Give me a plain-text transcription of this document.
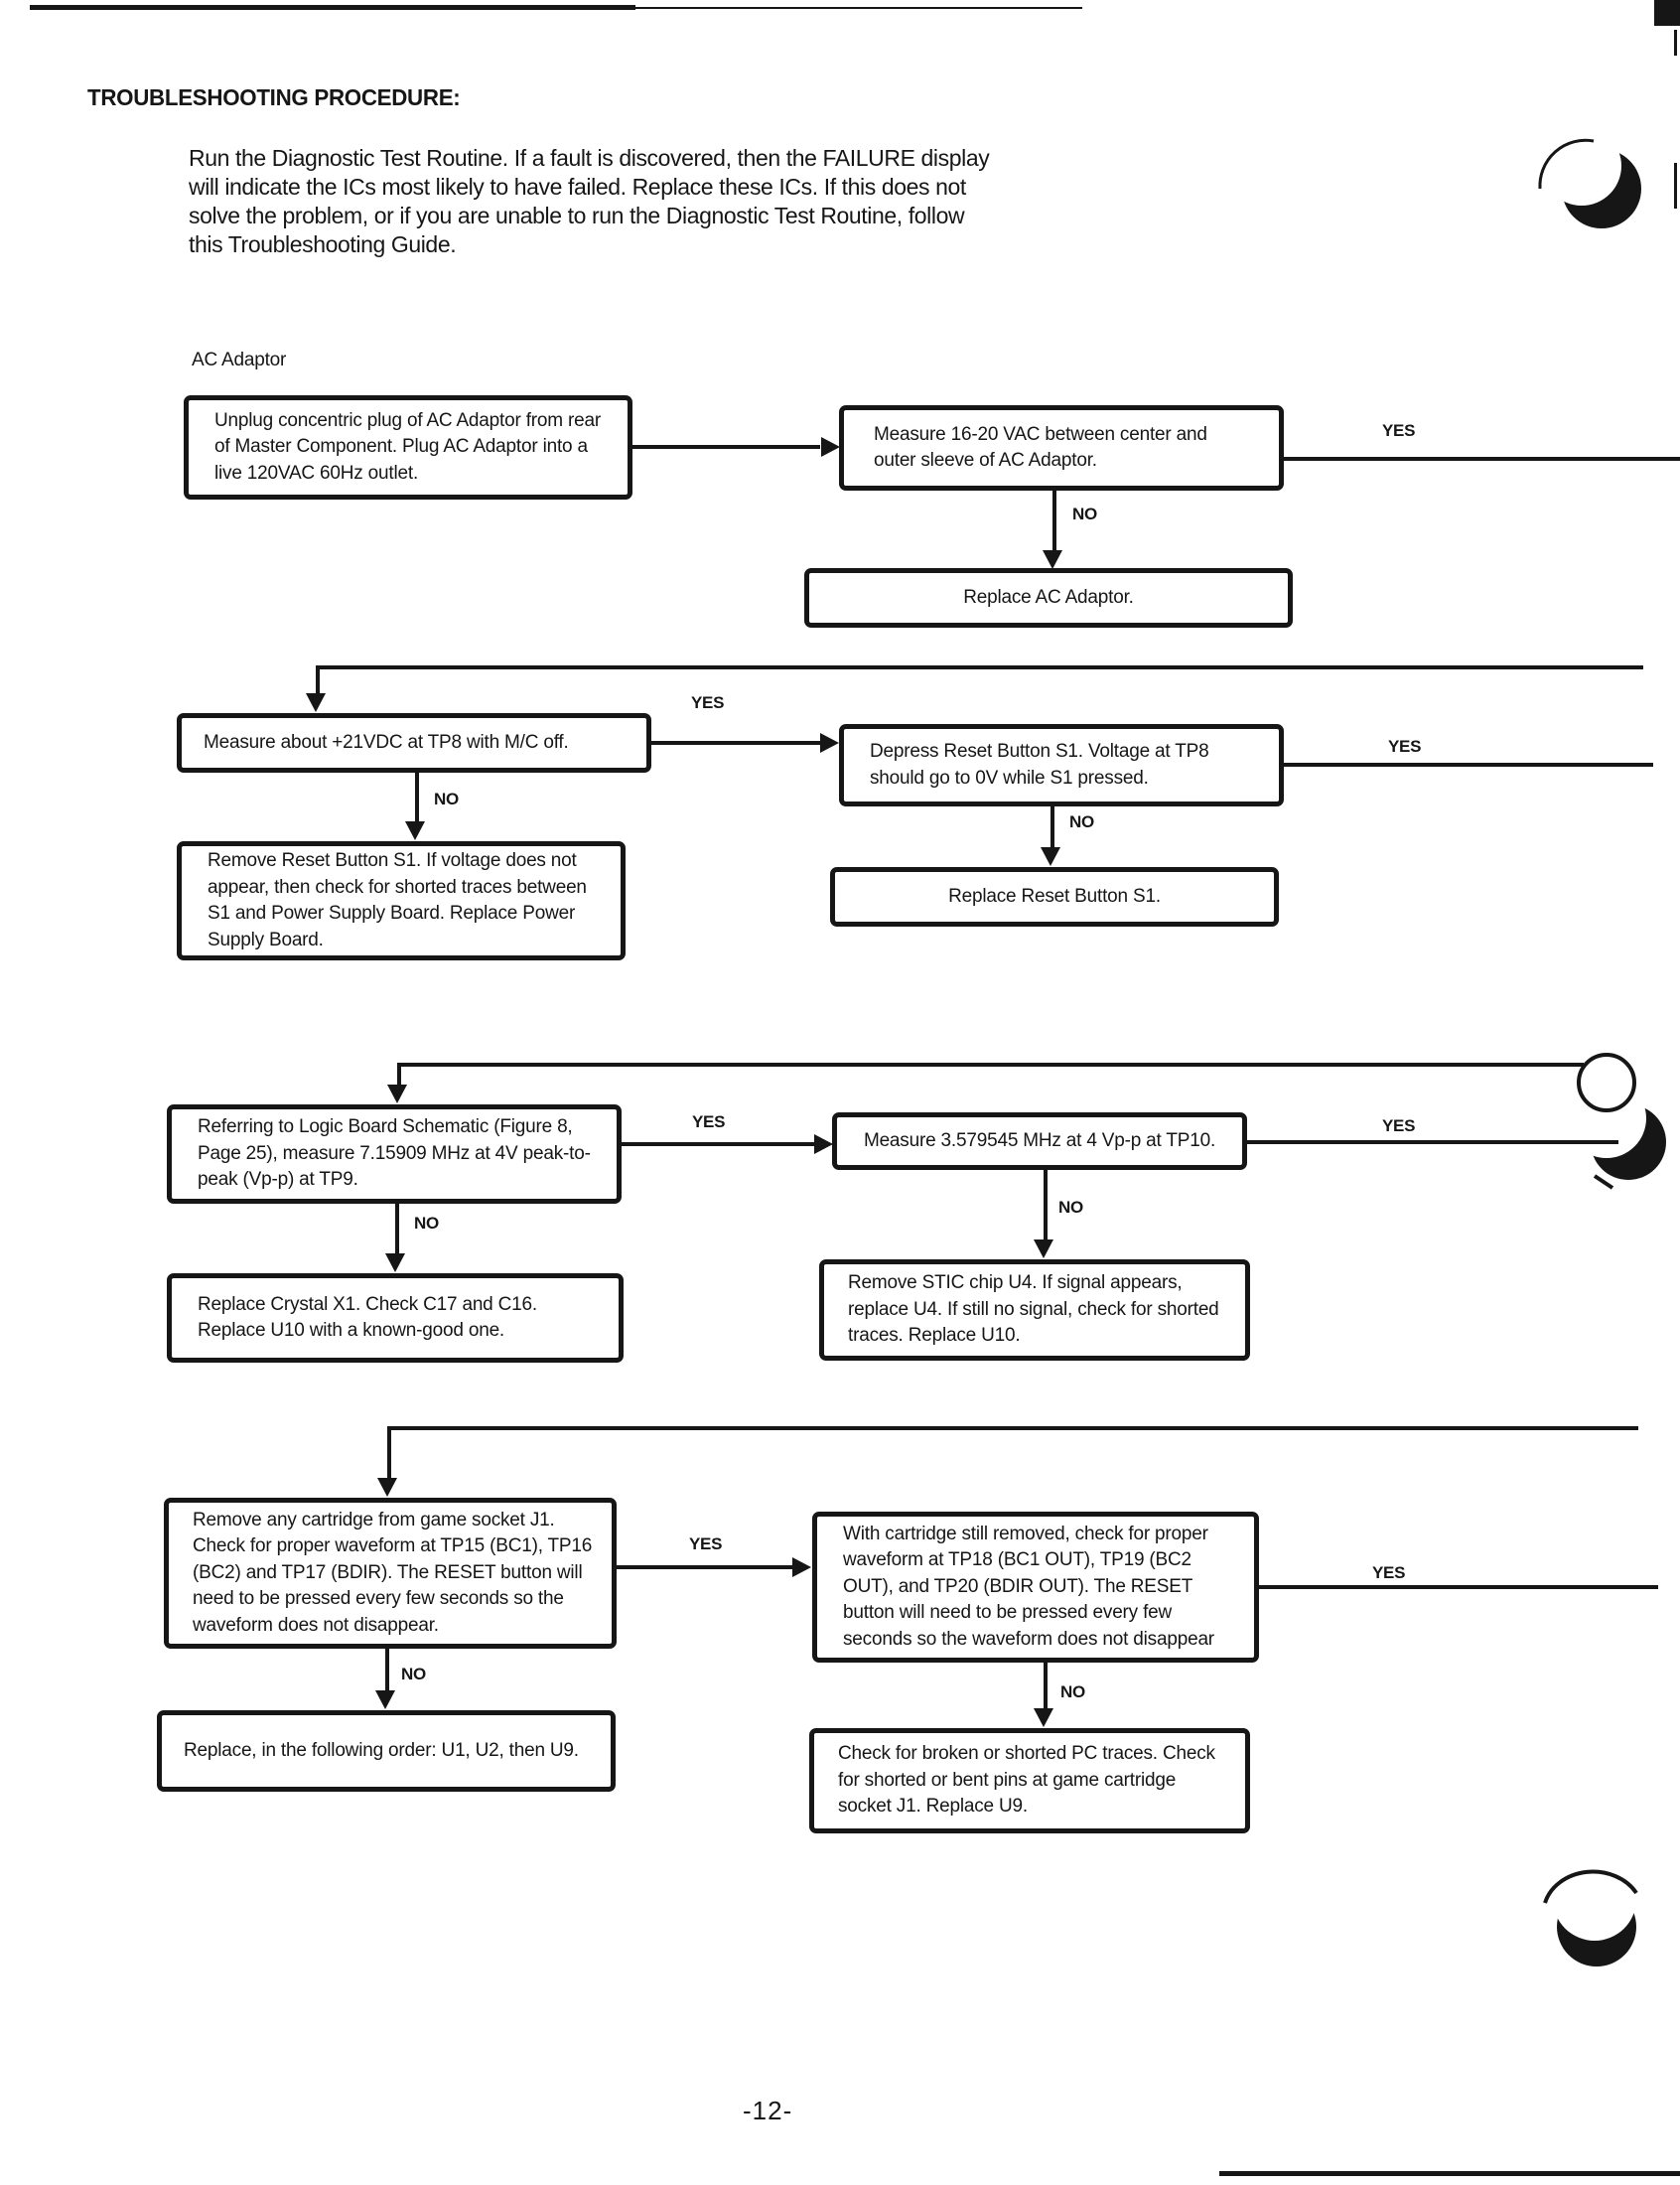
TROUBLESHOOTING PROCEDURE:
Run the Diagnostic Test Routine. If a fault is discovered, then the FAILURE display
will indicate the ICs most likely to have failed. Replace these ICs. If this does not
solve the problem, or if you are unable to run the Diagnostic Test Routine, follow
this Troubleshooting Guide.
AC Adaptor
Unplug concentric plug of AC Adaptor from rear of Master Component. Plug AC Adaptor into a live 120VAC 60Hz outlet.
Measure 16-20 VAC between center and outer sleeve of AC Adaptor.
YES
NO
Replace AC Adaptor.
Measure about +21VDC at TP8 with M/C off.
YES
Depress Reset Button S1. Voltage at TP8 should go to 0V while S1 pressed.
YES
NO
Remove Reset Button S1. If voltage does not appear, then check for shorted traces between S1 and Power Supply Board. Replace Power Supply Board.
NO
Replace Reset Button S1.
Referring to Logic Board Schematic (Figure 8, Page 25), measure 7.15909 MHz at 4V peak-to-peak (Vp-p) at TP9.
YES
Measure 3.579545 MHz at 4 Vp-p at TP10.
YES
NO
Replace Crystal X1. Check C17 and C16. Replace U10 with a known-good one.
NO
Remove STIC chip U4. If signal appears, replace U4. If still no signal, check for shorted traces. Replace U10.
Remove any cartridge from game socket J1. Check for proper waveform at TP15 (BC1), TP16 (BC2) and TP17 (BDIR). The RESET button will need to be pressed every few seconds so the waveform does not disappear.
YES	With cartridge still removed, check for proper waveform at TP18 (BC1 OUT), TP19 (BC2 OUT), and TP20 (BDIR OUT). The RESET button will need to be pressed every few seconds so the waveform does not disappear
YES
NO
Replace, in the following order: U1, U2, then U9.
NO
Check for broken or shorted PC traces. Check for shorted or bent pins at game cartridge socket J1. Replace U9.
-12-
